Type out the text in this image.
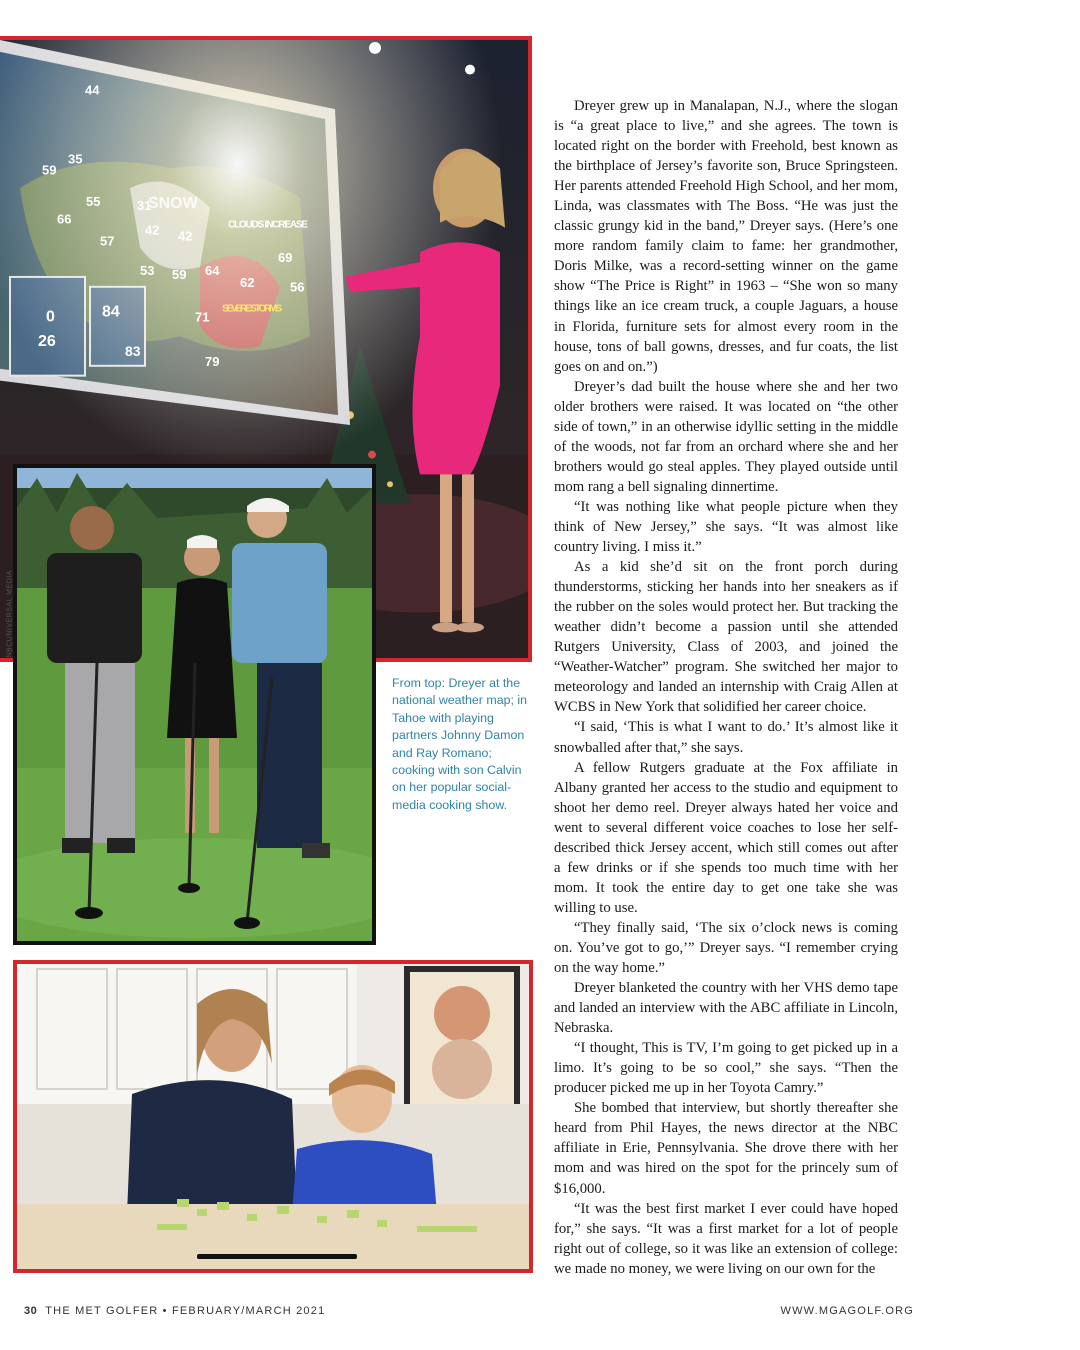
44
35
59
66
55	31
42 42
57
53 59 64
62
69
56
0
26
84
83
71
79
SNOW
CLOUDS INCREASE
SEVERE STORMS
NBCUNIVERSAL MEDIA
From top: Dreyer at the national weather map; in Tahoe with playing partners Johnny Damon and Ray Romano; cooking with son Calvin on her popular social-media cooking show.

Dreyer grew up in Manalapan, N.J., where the slogan is “a great place to live,” and she agrees. The town is located right on the border with Freehold, best known as the birthplace of Jersey’s favorite son, Bruce Springsteen. Her parents attended Freehold High School, and her mom, Linda, was classmates with The Boss. “He was just the classic grungy kid in the band,” Dreyer says. (Here’s one more random family claim to fame: her grandmother, Doris Milke, was a record-setting winner on the game show “The Price is Right” in 1963 – “She won so many things like an ice cream truck, a couple Jaguars, a house in Florida, furniture sets for almost every room in the house, tons of ball gowns, dresses, and fur coats, the list goes on and on.”)

Dreyer’s dad built the house where she and her two older brothers were raised. It was located on “the other side of town,” in an otherwise idyllic setting in the middle of the woods, not far from an orchard where she and her brothers would go steal apples. They played outside until mom rang a bell signaling dinnertime.

“It was nothing like what people picture when they think of New Jersey,” she says. “It was almost like country living. I miss it.”

As a kid she’d sit on the front porch during thunderstorms, sticking her hands into her sneakers as if the rubber on the soles would protect her. But tracking the weather didn’t become a passion until she attended Rutgers University, Class of 2003, and joined the “Weather-Watcher” program. She switched her major to meteorology and landed an internship with Craig Allen at WCBS in New York that solidified her career choice.

“I said, ‘This is what I want to do.’ It’s almost like it snowballed after that,” she says.

A fellow Rutgers graduate at the Fox affiliate in Albany granted her access to the studio and equipment to shoot her demo reel. Dreyer always hated her voice and went to several different voice coaches to lose her self-described thick Jersey accent, which still comes out after a few drinks or if she spends too much time with her mom. It took the entire day to get one take she was willing to use.

“They finally said, ‘The six o’clock news is coming on. You’ve got to go,’” Dreyer says. “I remember crying on the way home.”

Dreyer blanketed the country with her VHS demo tape and landed an interview with the ABC affiliate in Lincoln, Nebraska.

“I thought, This is TV, I’m going to get picked up in a limo. It’s going to be so cool,” she says. “Then the producer picked me up in her Toyota Camry.”

She bombed that interview, but shortly thereafter she heard from Phil Hayes, the news director at the NBC affiliate in Erie, Pennsylvania. She drove there with her mom and was hired on the spot for the princely sum of $16,000.

“It was the best first market I ever could have hoped for,” she says. “It was a first market for a lot of people right out of college, so it was like an extension of college: we made no money, we were living on our own for the

30 THE MET GOLFER • FEBRUARY/MARCH 2021	WWW.MGAGOLF.ORG
